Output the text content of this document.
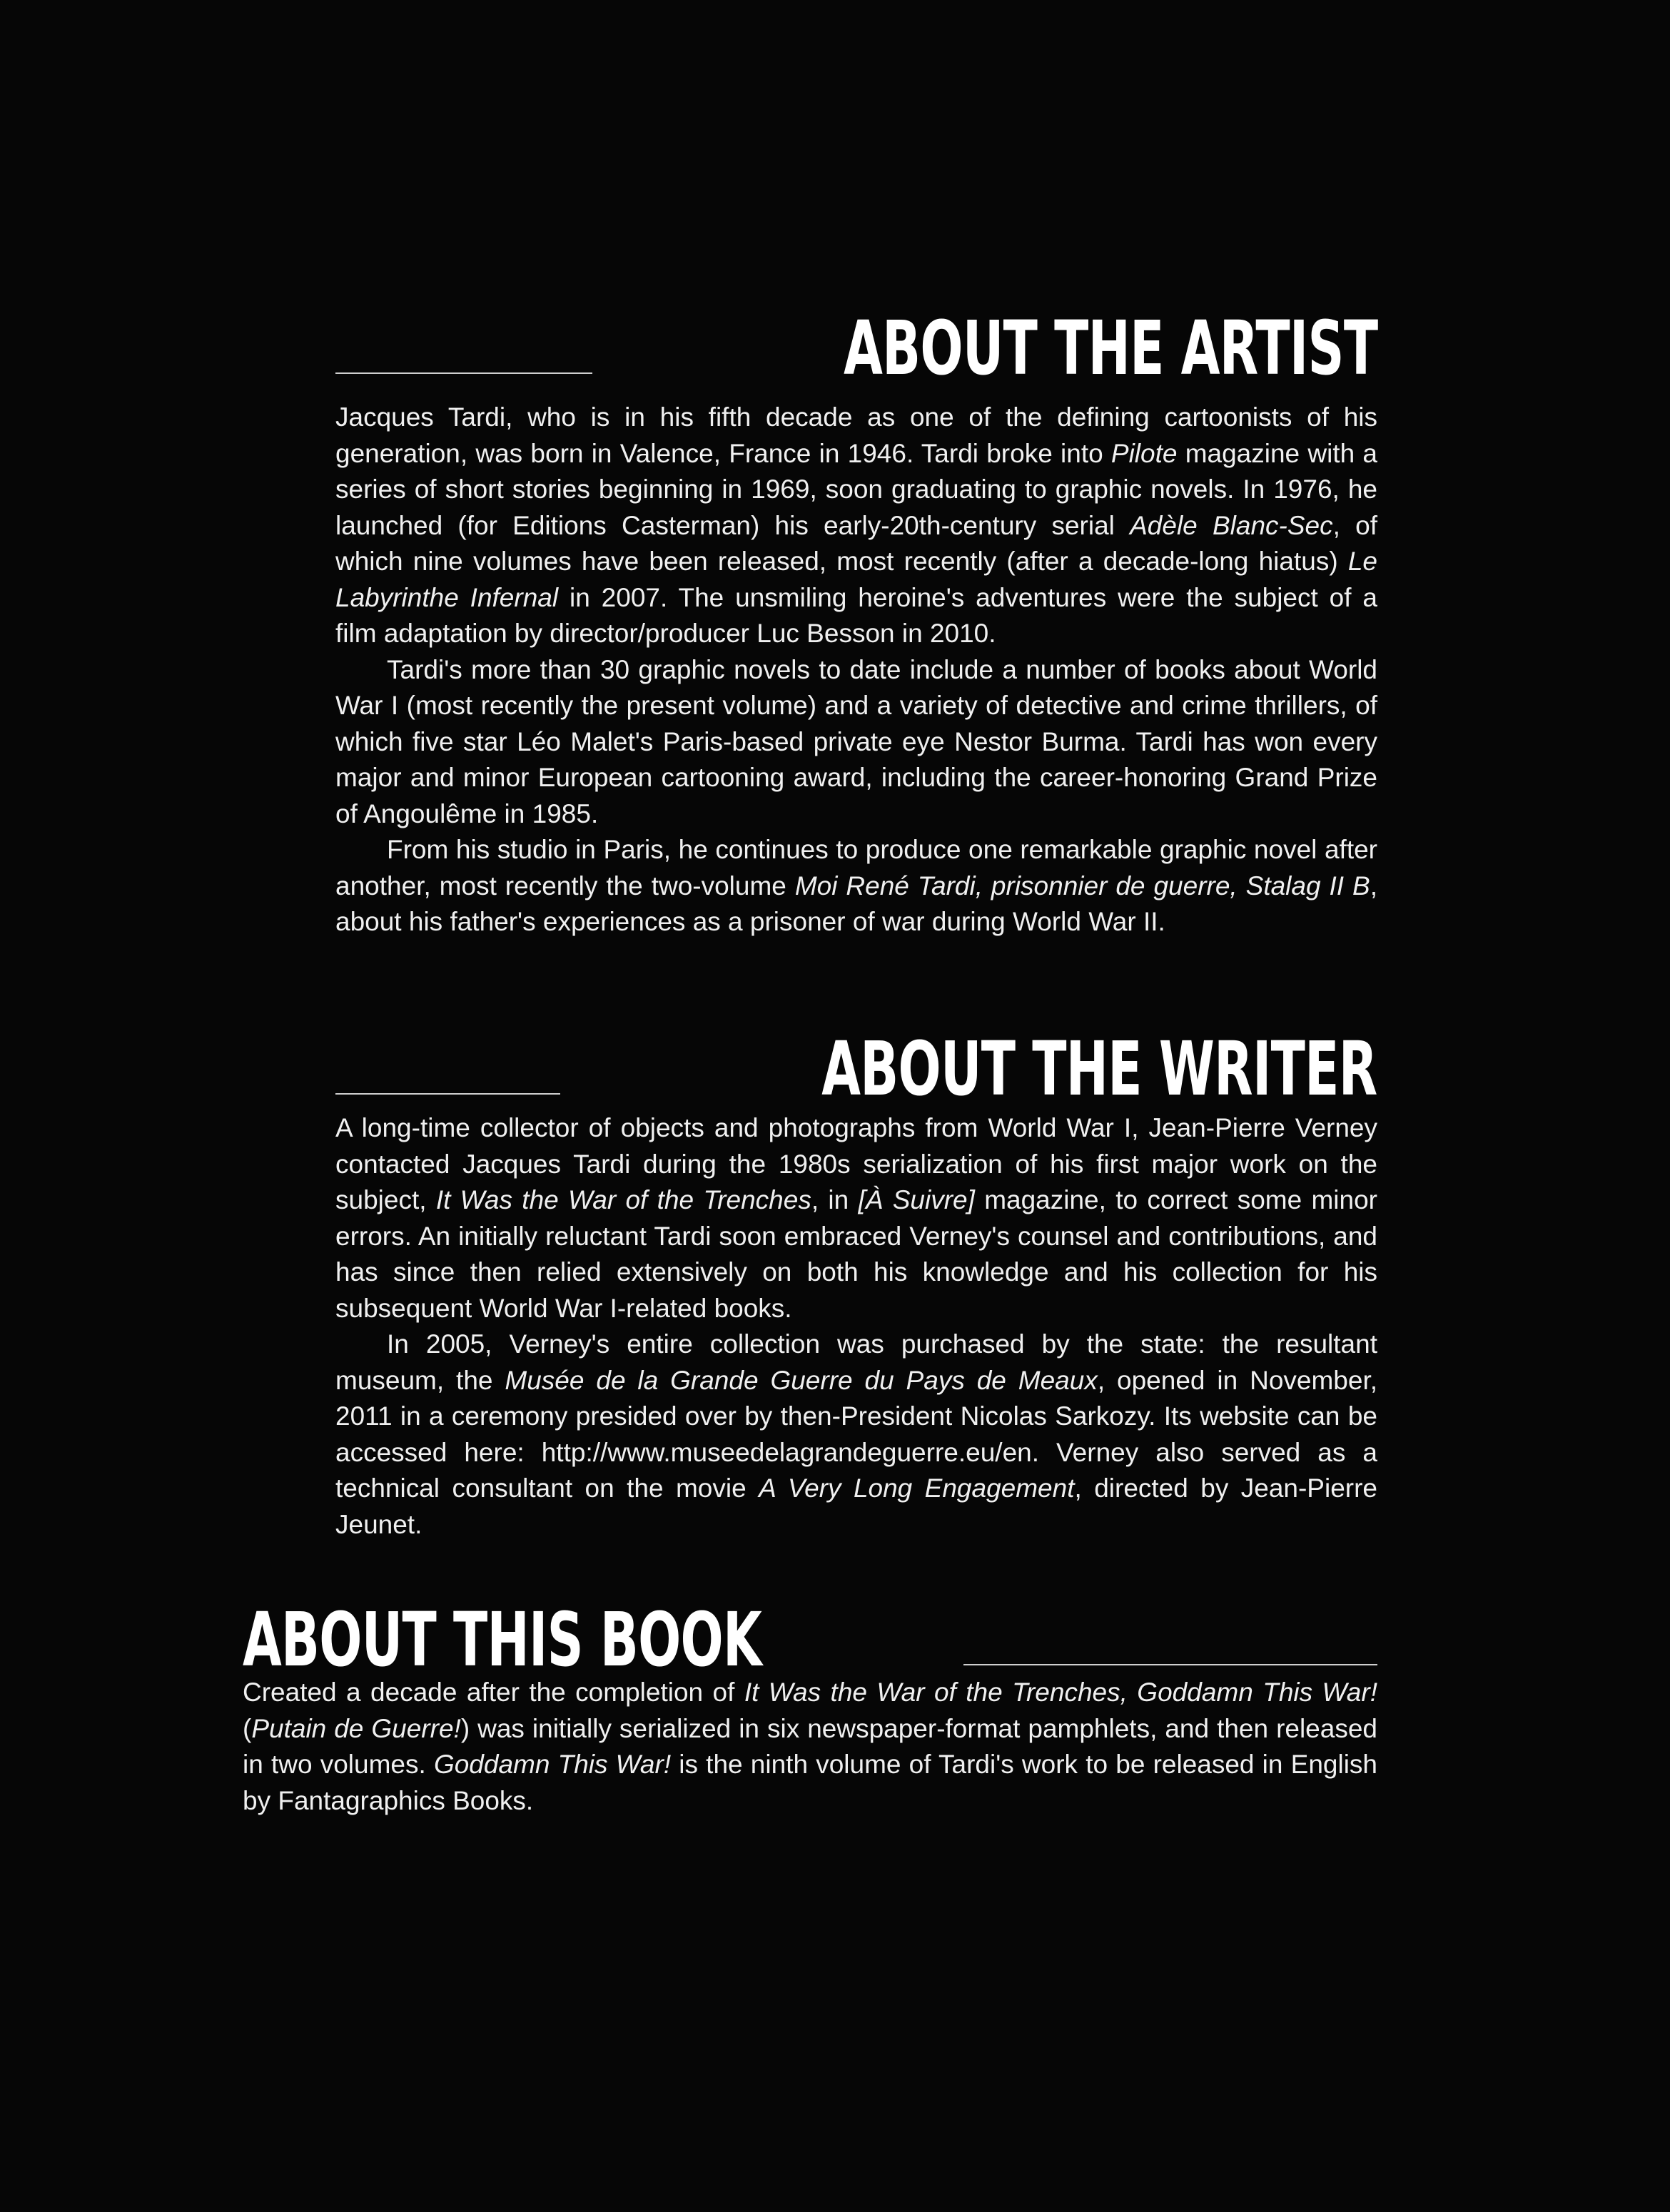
ABOUT THE ARTIST

Jacques Tardi, who is in his fifth decade as one of the defining cartoonists of his generation, was born in Valence, France in 1946. Tardi broke into Pilote magazine with a series of short stories beginning in 1969, soon graduating to graphic novels. In 1976, he launched (for Editions Casterman) his early-20th-century serial Adèle Blanc-Sec, of which nine volumes have been released, most recently (after a decade-long hiatus) Le Labyrinthe Infernal in 2007. The unsmiling heroine's adventures were the subject of a film adaptation by director/producer Luc Besson in 2010.

Tardi's more than 30 graphic novels to date include a number of books about World War I (most recently the present volume) and a variety of detective and crime thrillers, of which five star Léo Malet's Paris-based private eye Nestor Burma. Tardi has won every major and minor European cartooning award, including the career-honoring Grand Prize of Angoulême in 1985.

From his studio in Paris, he continues to produce one remarkable graphic novel after another, most recently the two-volume Moi René Tardi, prisonnier de guerre, Stalag II B, about his father's experiences as a prisoner of war during World War II.

ABOUT THE WRITER

A long-time collector of objects and photographs from World War I, Jean-Pierre Verney contacted Jacques Tardi during the 1980s serialization of his first major work on the subject, It Was the War of the Trenches, in [À Suivre] magazine, to correct some minor errors. An initially reluctant Tardi soon embraced Verney's counsel and contributions, and has since then relied extensively on both his knowledge and his collection for his subsequent World War I-related books.

In 2005, Verney's entire collection was purchased by the state: the resultant museum, the Musée de la Grande Guerre du Pays de Meaux, opened in November, 2011 in a ceremony presided over by then-President Nicolas Sarkozy. Its website can be accessed here: http://www.museedelagrandeguerre.eu/en. Verney also served as a technical consultant on the movie A Very Long Engagement, directed by Jean-Pierre Jeunet.

ABOUT THIS BOOK

Created a decade after the completion of It Was the War of the Trenches, Goddamn This War! (Putain de Guerre!) was initially serialized in six newspaper-format pamphlets, and then released in two volumes. Goddamn This War! is the ninth volume of Tardi's work to be released in English by Fantagraphics Books.
